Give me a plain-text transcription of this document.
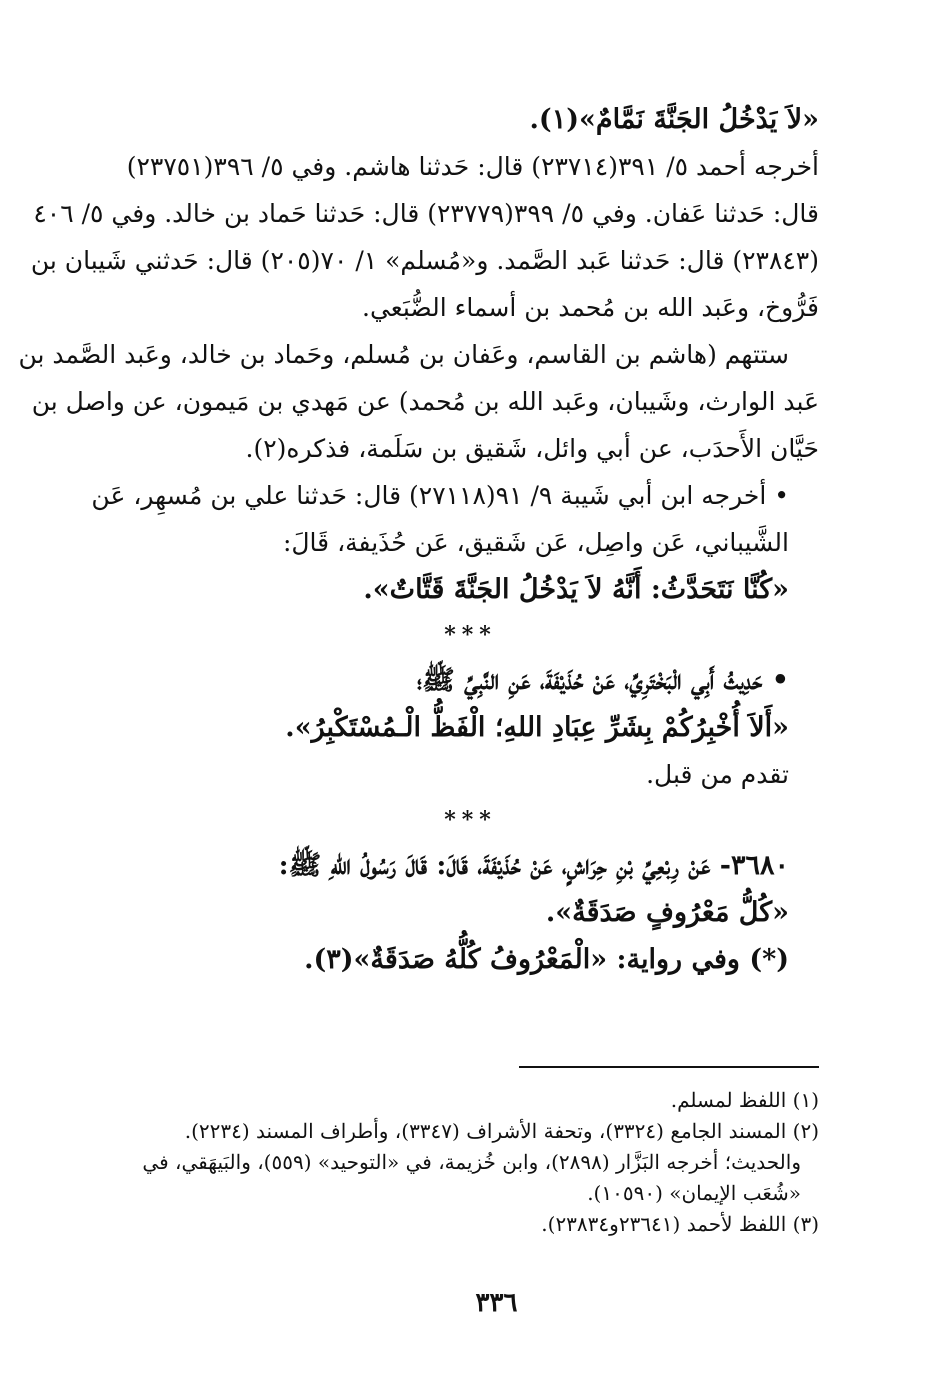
«لاَ يَدْخُلُ الجَنَّةَ نَمَّامٌ»(١).

أخرجه أحمد ٥/ ٣٩١(٢٣٧١٤) قال: حَدثنا هاشم. وفي ٥/ ٣٩٦(٢٣٧٥١)
قال: حَدثنا عَفان. وفي ٥/ ٣٩٩(٢٣٧٧٩) قال: حَدثنا حَماد بن خالد. وفي ٥/ ٤٠٦
(٢٣٨٤٣) قال: حَدثنا عَبد الصَّمد. و«مُسلم» ١/ ٧٠(٢٠٥) قال: حَدثني شَيبان بن
فَرُّوخ، وعَبد الله بن مُحمد بن أسماء الضُّبَعي.

ستتهم (هاشم بن القاسم، وعَفان بن مُسلم، وحَماد بن خالد، وعَبد الصَّمد بن
عَبد الوارث، وشَيبان، وعَبد الله بن مُحمد) عن مَهدي بن مَيمون، عن واصل بن
حَيَّان الأَحدَب، عن أبي وائل، شَقيق بن سَلَمة، فذكره(٢).

• أخرجه ابن أبي شَيبة ٩/ ٩١(٢٧١١٨) قال: حَدثنا علي بن مُسهِر، عَن
الشَّيباني، عَن واصِل، عَن شَقيق، عَن حُذَيفة، قَالَ:

«كُنَّا نَتَحَدَّثُ: أَنَّهُ لاَ يَدْخُلُ الجَنَّةَ قَتَّاتٌ».
***
• حَدِيثُ أَبِي الْبَخْتَرِيِّ، عَنْ حُذَيْفَةَ، عَنِ النَّبِيِّ ﷺ؛
«أَلاَ أُخْبِرُكُمْ بِشَرِّ عِبَادِ اللهِ؛ الْفَظُّ الْـمُسْتَكْبِرُ».
تقدم من قبل.
***
٣٦٨٠- عَنْ رِبْعِيِّ بْنِ حِرَاشٍ، عَنْ حُذَيْفَةَ، قَالَ: قَالَ رَسُولُ اللهِ ﷺ:
«كُلُّ مَعْرُوفٍ صَدَقَةٌ».
(*) وفي رواية: «الْمَعْرُوفُ كُلُّهُ صَدَقَةٌ»(٣).
(١) اللفظ لمسلم.
(٢) المسند الجامع (٣٣٢٤)، وتحفة الأشراف (٣٣٤٧)، وأطراف المسند (٢٢٣٤).
والحديث؛ أخرجه البَزَّار (٢٨٩٨)، وابن خُزيمة، في «التوحيد» (٥٥٩)، والبَيهَقي، في
«شُعَب الإيمان» (١٠٥٩٠).
(٣) اللفظ لأحمد (٢٣٦٤١و٢٣٨٣٤).
٣٣٦
